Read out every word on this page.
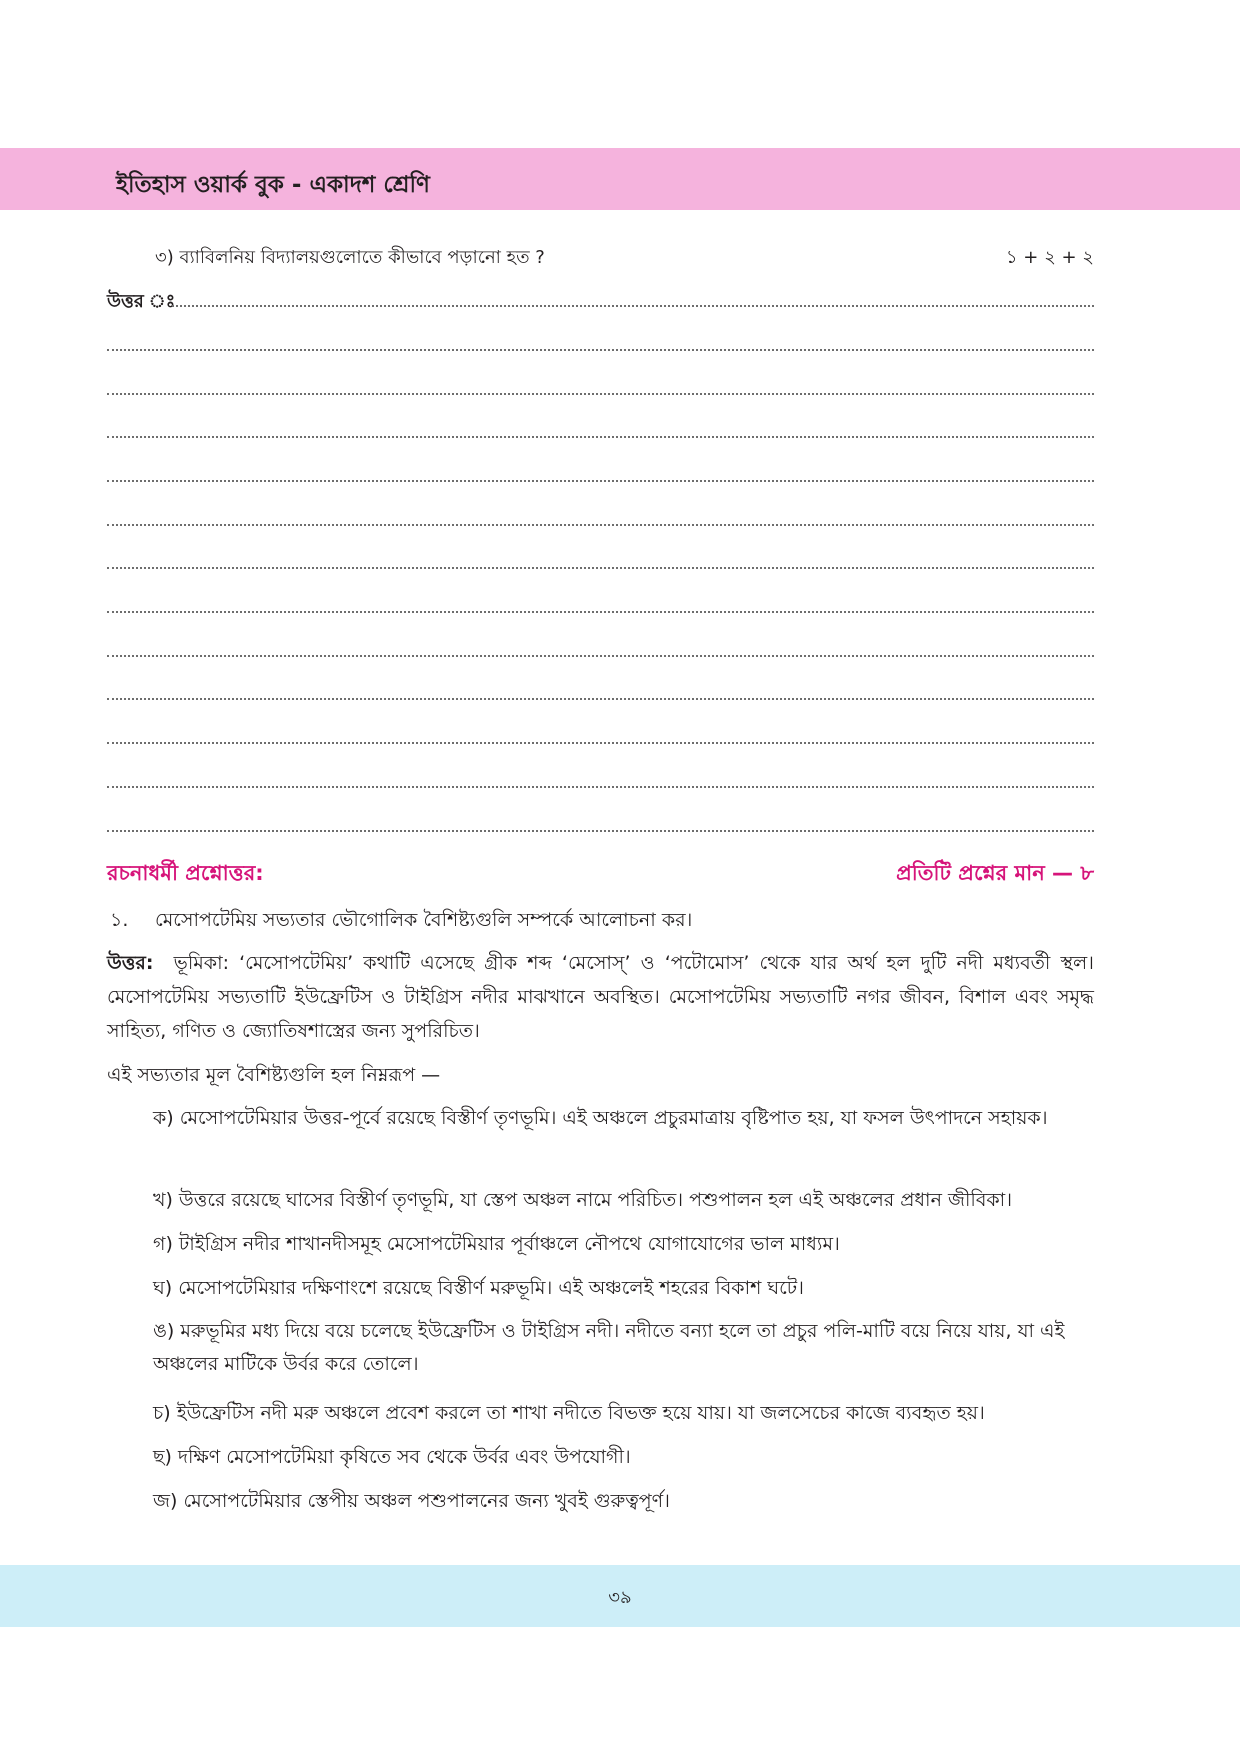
ইতিহাস ওয়ার্ক বুক - একাদশ শ্রেণি
৩) ব্যাবিলনিয় বিদ্যালয়গুলোতে কীভাবে পড়ানো হত ?	১ + ২ + ২
উত্তর ঃ
রচনাধর্মী প্রশ্নোত্তর:	প্রতিটি প্রশ্নের মান — ৮
১. মেসোপটেমিয় সভ্যতার ভৌগোলিক বৈশিষ্ট্যগুলি সম্পর্কে আলোচনা কর।
উত্তর: ভূমিকা: ‘মেসোপটেমিয়’ কথাটি এসেছে গ্রীক শব্দ ‘মেসোস্’ ও ‘পটোমোস’ থেকে যার অর্থ হল দুটি নদী মধ্যবর্তী স্থল। মেসোপটেমিয় সভ্যতাটি ইউফ্রেটিস ও টাইগ্রিস নদীর মাঝখানে অবস্থিত। মেসোপটেমিয় সভ্যতাটি নগর জীবন, বিশাল এবং সমৃদ্ধ সাহিত্য, গণিত ও জ্যোতিষশাস্ত্রের জন্য সুপরিচিত।
এই সভ্যতার মূল বৈশিষ্ট্যগুলি হল নিম্নরূপ —
ক) মেসোপটেমিয়ার উত্তর-পূর্বে রয়েছে বিস্তীর্ণ তৃণভূমি। এই অঞ্চলে প্রচুরমাত্রায় বৃষ্টিপাত হয়, যা ফসল উৎপাদনে সহায়ক।
খ) উত্তরে রয়েছে ঘাসের বিস্তীর্ণ তৃণভূমি, যা স্তেপ অঞ্চল নামে পরিচিত। পশুপালন হল এই অঞ্চলের প্রধান জীবিকা।
গ) টাইগ্রিস নদীর শাখানদীসমূহ মেসোপটেমিয়ার পূর্বাঞ্চলে নৌপথে যোগাযোগের ভাল মাধ্যম।
ঘ) মেসোপটেমিয়ার দক্ষিণাংশে রয়েছে বিস্তীর্ণ মরুভূমি। এই অঞ্চলেই শহরের বিকাশ ঘটে।
ঙ) মরুভূমির মধ্য দিয়ে বয়ে চলেছে ইউফ্রেটিস ও টাইগ্রিস নদী। নদীতে বন্যা হলে তা প্রচুর পলি-মাটি বয়ে নিয়ে যায়, যা এই অঞ্চলের মাটিকে উর্বর করে তোলে।
চ) ইউফ্রেটিস নদী মরু অঞ্চলে প্রবেশ করলে তা শাখা নদীতে বিভক্ত হয়ে যায়। যা জলসেচের কাজে ব্যবহৃত হয়।
ছ) দক্ষিণ মেসোপটেমিয়া কৃষিতে সব থেকে উর্বর এবং উপযোগী।
জ) মেসোপটেমিয়ার স্তেপীয় অঞ্চল পশুপালনের জন্য খুবই গুরুত্বপূর্ণ।
৩৯
